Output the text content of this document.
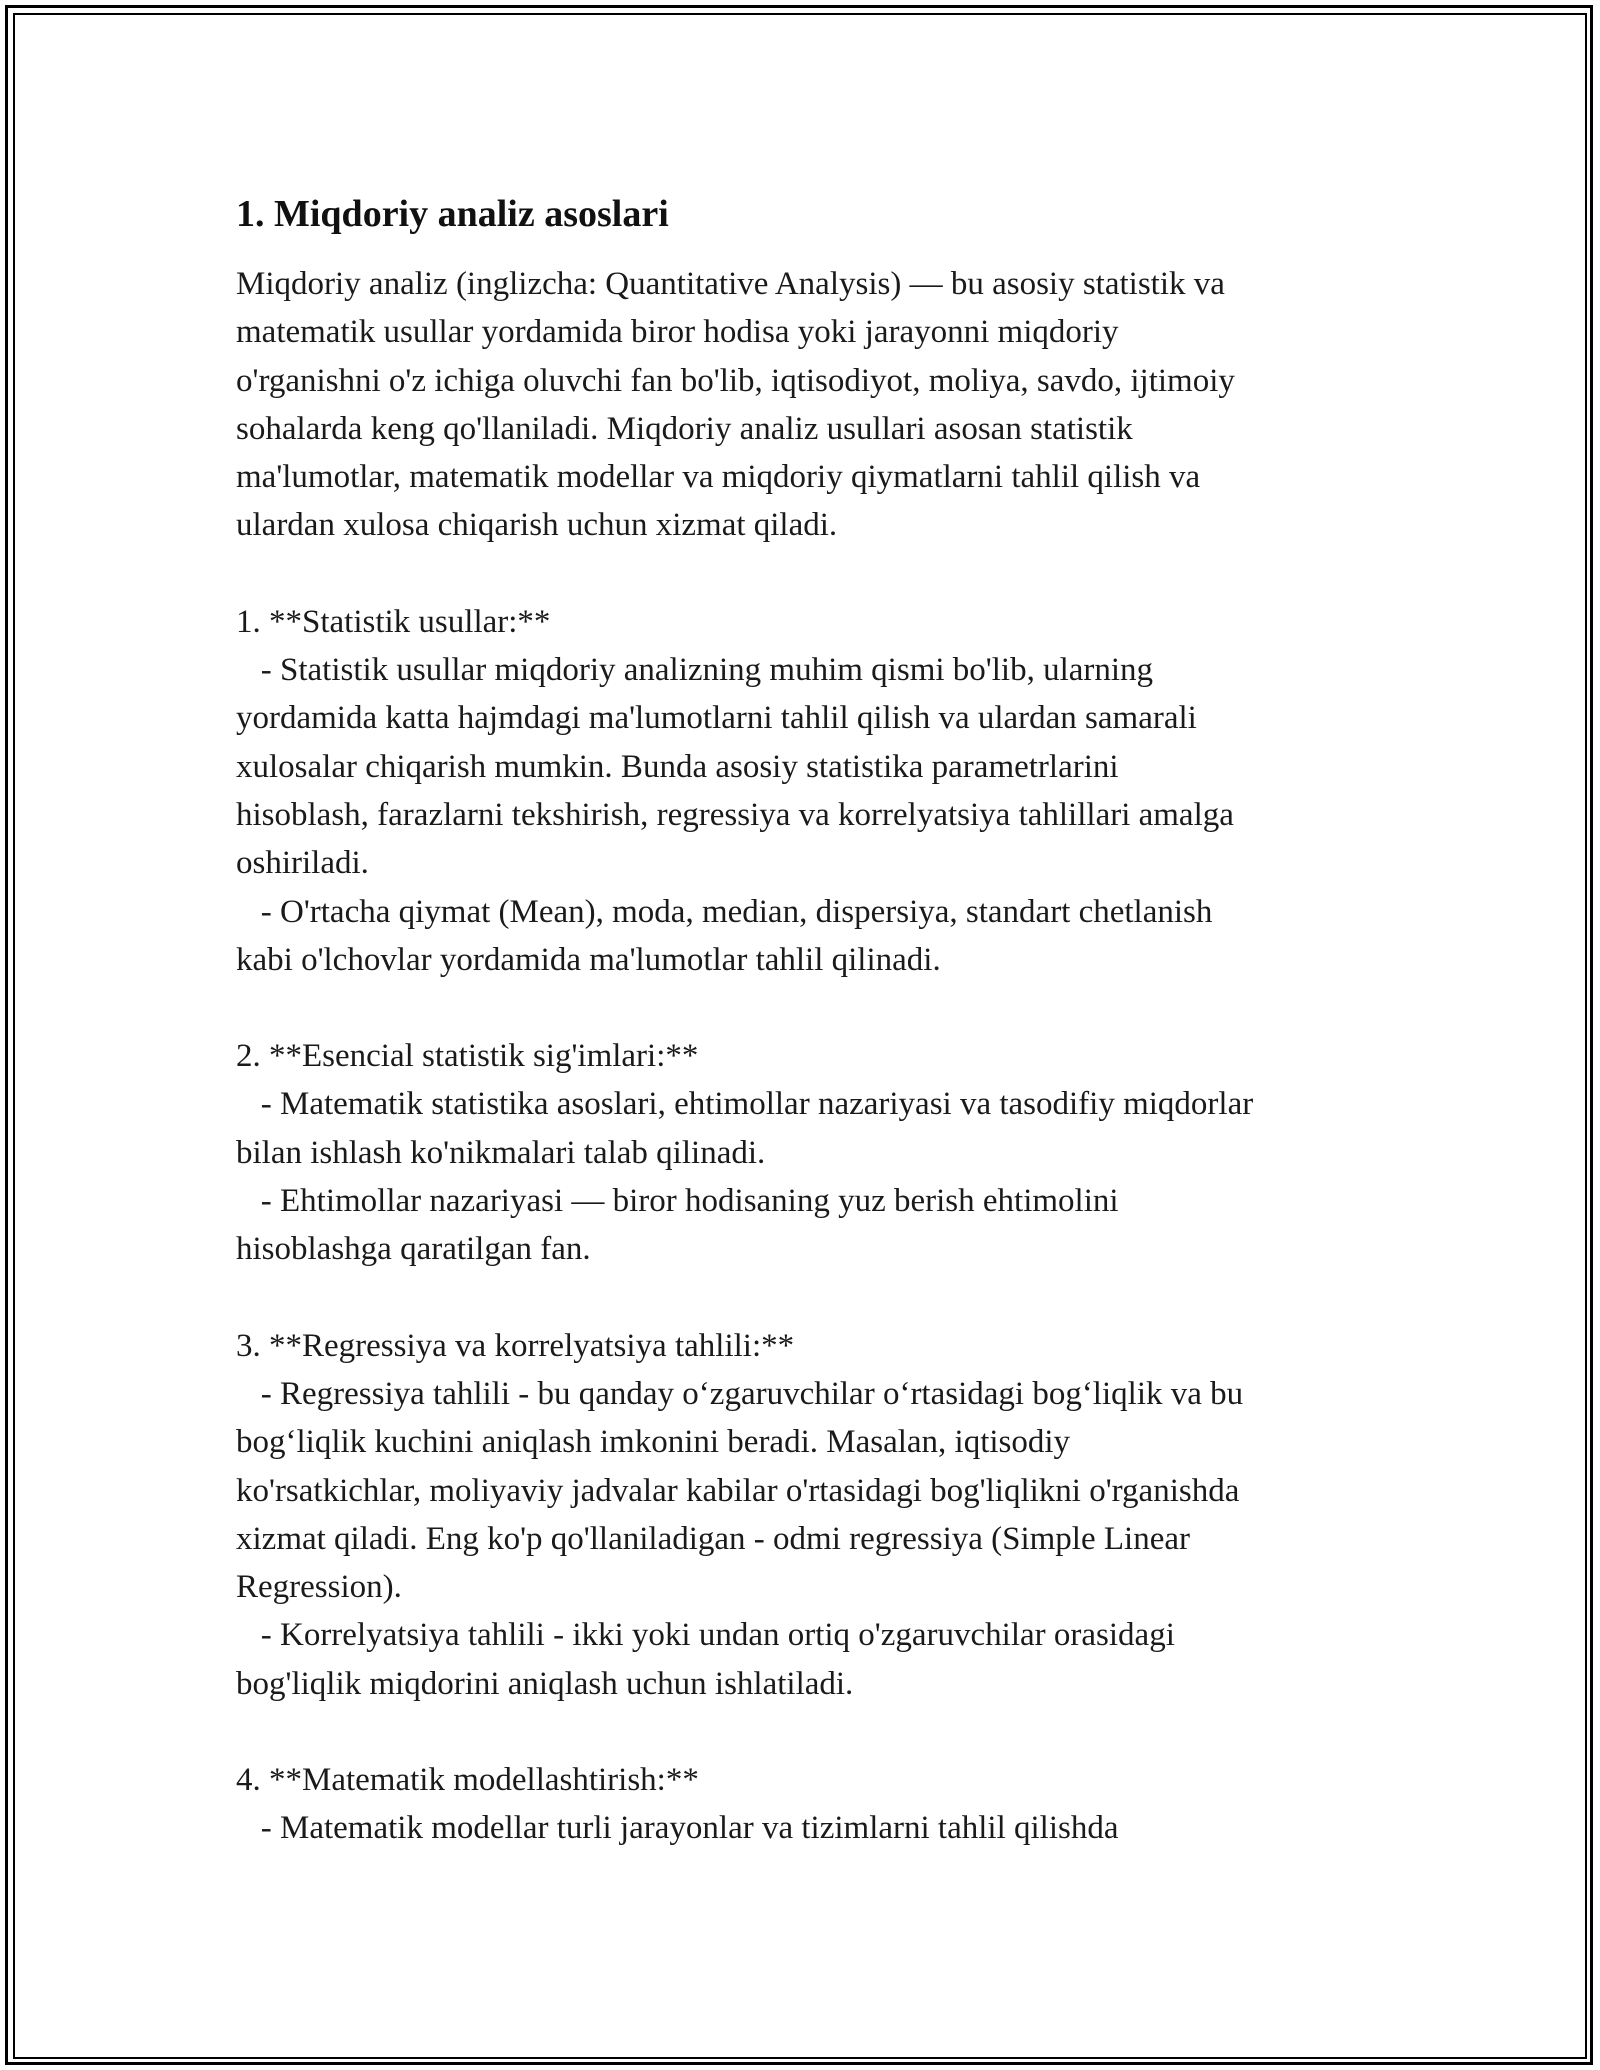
1. Miqdoriy analiz asoslari

Miqdoriy analiz (inglizcha: Quantitative Analysis) — bu asosiy statistik va
matematik usullar yordamida biror hodisa yoki jarayonni miqdoriy
o'rganishni o'z ichiga oluvchi fan bo'lib, iqtisodiyot, moliya, savdo, ijtimoiy
sohalarda keng qo'llaniladi. Miqdoriy analiz usullari asosan statistik
ma'lumotlar, matematik modellar va miqdoriy qiymatlarni tahlil qilish va
ulardan xulosa chiqarish uchun xizmat qiladi.

1. **Statistik usullar:**
- Statistik usullar miqdoriy analizning muhim qismi bo'lib, ularning
yordamida katta hajmdagi ma'lumotlarni tahlil qilish va ulardan samarali
xulosalar chiqarish mumkin. Bunda asosiy statistika parametrlarini
hisoblash, farazlarni tekshirish, regressiya va korrelyatsiya tahlillari amalga
oshiriladi.
- O'rtacha qiymat (Mean), moda, median, dispersiya, standart chetlanish
kabi o'lchovlar yordamida ma'lumotlar tahlil qilinadi.
2. **Esencial statistik sig'imlari:**
- Matematik statistika asoslari, ehtimollar nazariyasi va tasodifiy miqdorlar
bilan ishlash ko'nikmalari talab qilinadi.
- Ehtimollar nazariyasi — biror hodisaning yuz berish ehtimolini
hisoblashga qaratilgan fan.
3. **Regressiya va korrelyatsiya tahlili:**
- Regressiya tahlili - bu qanday o‘zgaruvchilar o‘rtasidagi bog‘liqlik va bu
bog‘liqlik kuchini aniqlash imkonini beradi. Masalan, iqtisodiy
ko'rsatkichlar, moliyaviy jadvalar kabilar o'rtasidagi bog'liqlikni o'rganishda
xizmat qiladi. Eng ko'p qo'llaniladigan - odmi regressiya (Simple Linear
Regression).
- Korrelyatsiya tahlili - ikki yoki undan ortiq o'zgaruvchilar orasidagi
bog'liqlik miqdorini aniqlash uchun ishlatiladi.
4. **Matematik modellashtirish:**
- Matematik modellar turli jarayonlar va tizimlarni tahlil qilishda
